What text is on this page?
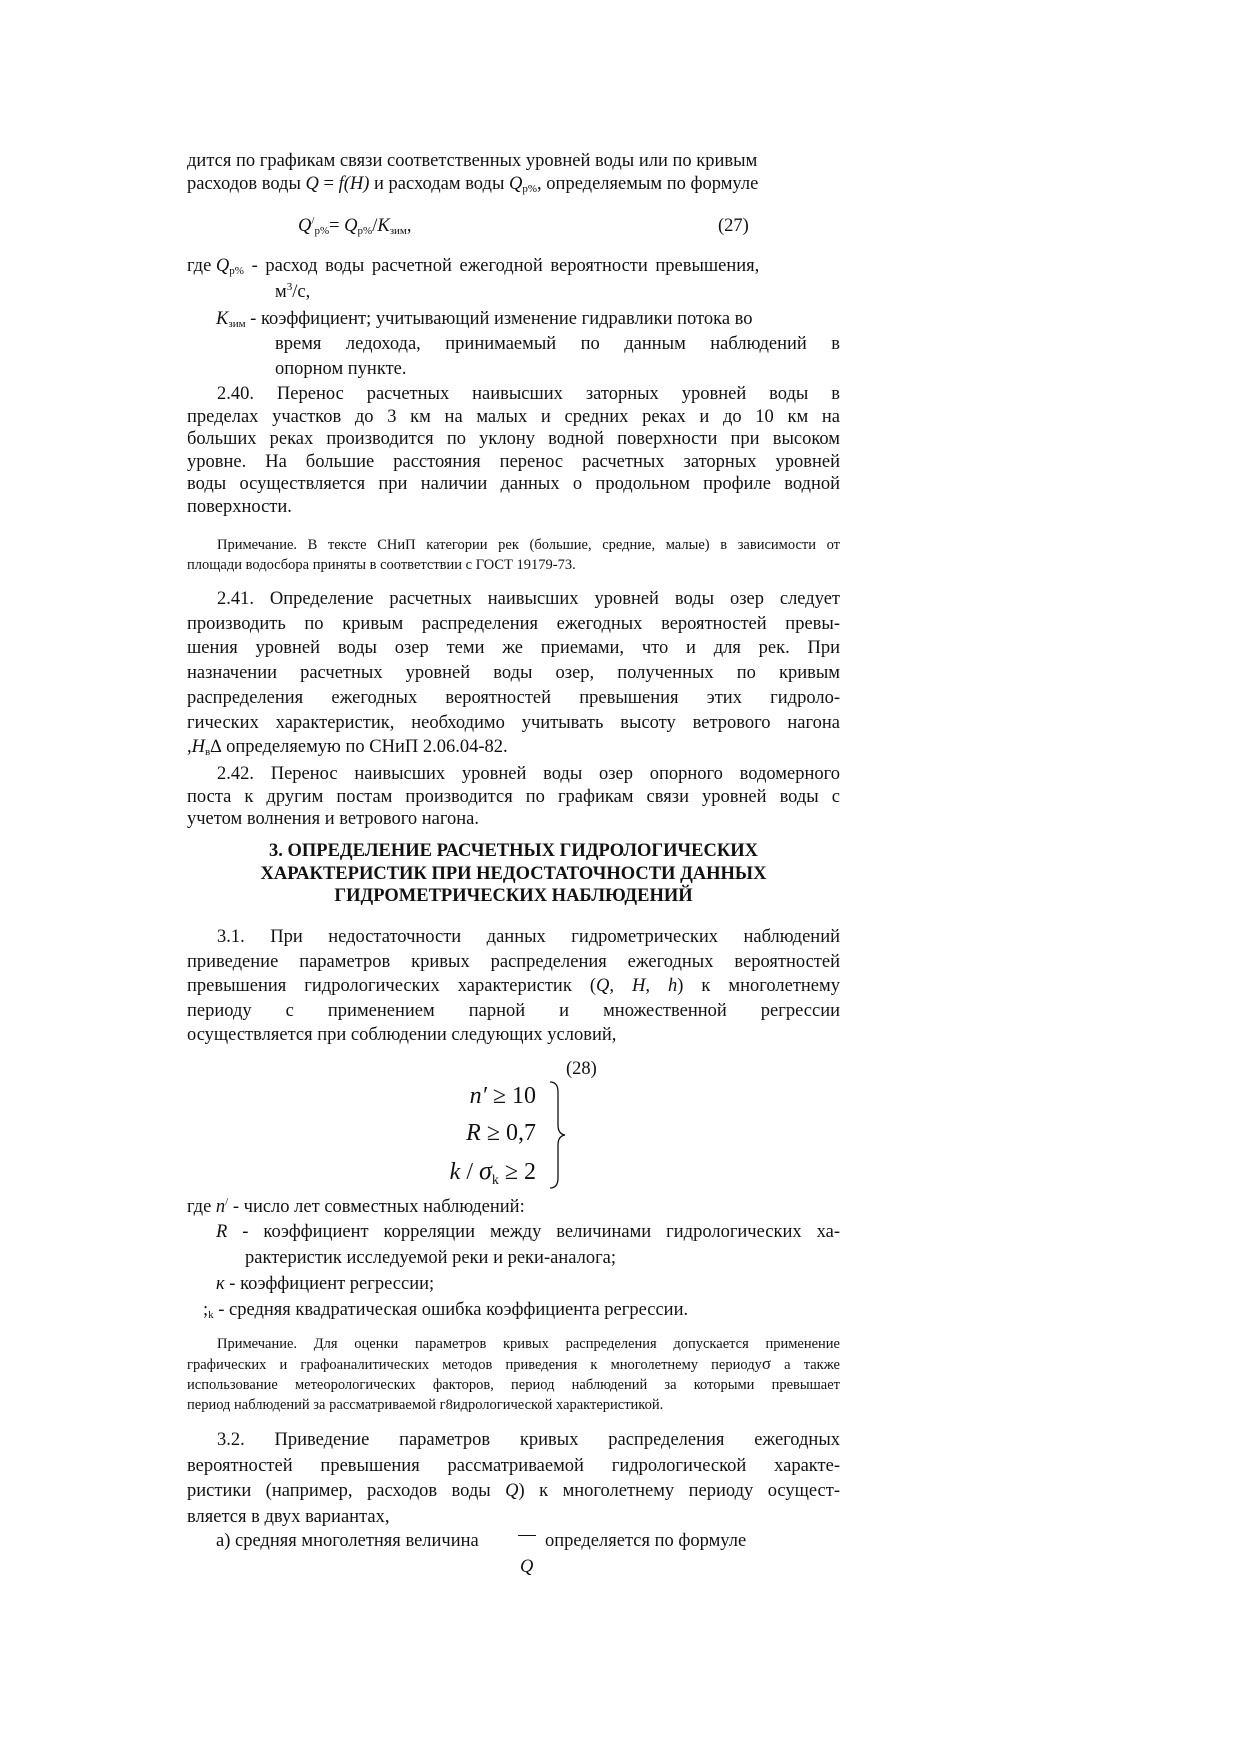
дится по графикам связи соответственных уровней воды или по кривым
расходов воды Q = f(H) и расходам воды $Q_{р\%}$, определяемым по формуле
$Q^/_{р\%}= Q_{р\%}/K_{зим}$,	(27)
где $Q_{р\%}$ - расход воды расчетной ежегодной вероятности превышения,
$м^3/с$,
$K_{зим}$ - коэффициент; учитывающий изменение гидравлики потока во
время ледохода, принимаемый по данным наблюдений в
опорном пункте.
2.40. Перенос расчетных наивысших заторных уровней воды в
пределах участков до 3 км на малых и средних реках и до 10 км на
больших реках производится по уклону водной поверхности при высоком
уровне. На большие расстояния перенос расчетных заторных уровней
воды осуществляется при наличии данных о продольном профиле водной
поверхности.
Примечание. В тексте СНиП категории рек (большие, средние, малые) в зависимости от
площади водосбора приняты в соответствии с ГОСТ 19179-73.
2.41. Определение расчетных наивысших уровней воды озер следует
производить по кривым распределения ежегодных вероятностей превы-
шения уровней воды озер теми же приемами, что и для рек. При
назначении расчетных уровней воды озер, полученных по кривым
распределения ежегодных вероятностей превышения этих гидроло-
гических характеристик, необходимо учитывать высоту ветрового нагона
$,H_в\Delta$ определяемую по СНиП 2.06.04-82.
2.42. Перенос наивысших уровней воды озер опорного водомерного
поста к другим постам производится по графикам связи уровней воды с
учетом волнения и ветрового нагона.
3. ОПРЕДЕЛЕНИЕ РАСЧЕТНЫХ ГИДРОЛОГИЧЕСКИХ
ХАРАКТЕРИСТИК ПРИ НЕДОСТАТОЧНОСТИ ДАННЫХ
ГИДРОМЕТРИЧЕСКИХ НАБЛЮДЕНИЙ
3.1. При недостаточности данных гидрометрических наблюдений
приведение параметров кривых распределения ежегодных вероятностей
превышения гидрологических характеристик (Q, H, h) к многолетнему
периоду с применением парной и множественной регрессии
осуществляется при соблюдении следующих условий,
(28)
n′ ≥ 10
R ≥ 0,7
$k / \sigma_k \ge 2$
где n/ - число лет совместных наблюдений:
R - коэффициент корреляции между величинами гидрологических ха-
рактеристик исследуемой реки и реки-аналога;
к - коэффициент регрессии;
$;_k$ - средняя квадратическая ошибка коэффициента регрессии.
Примечание. Для оценки параметров кривых распределения допускается применение
графических и графоаналитических методов приведения к многолетнему периодуσ а также
использование метеорологических факторов, период наблюдений за которыми превышает
период наблюдений за рассматриваемой г8идрологической характеристикой.
3.2. Приведение параметров кривых распределения ежегодных
вероятностей превышения рассматриваемой гидрологической характе-
ристики (например, расходов воды Q) к многолетнему периоду осущест-
вляется в двух вариантах,
а) средняя многолетняя величина	определяется по формуле
Q
